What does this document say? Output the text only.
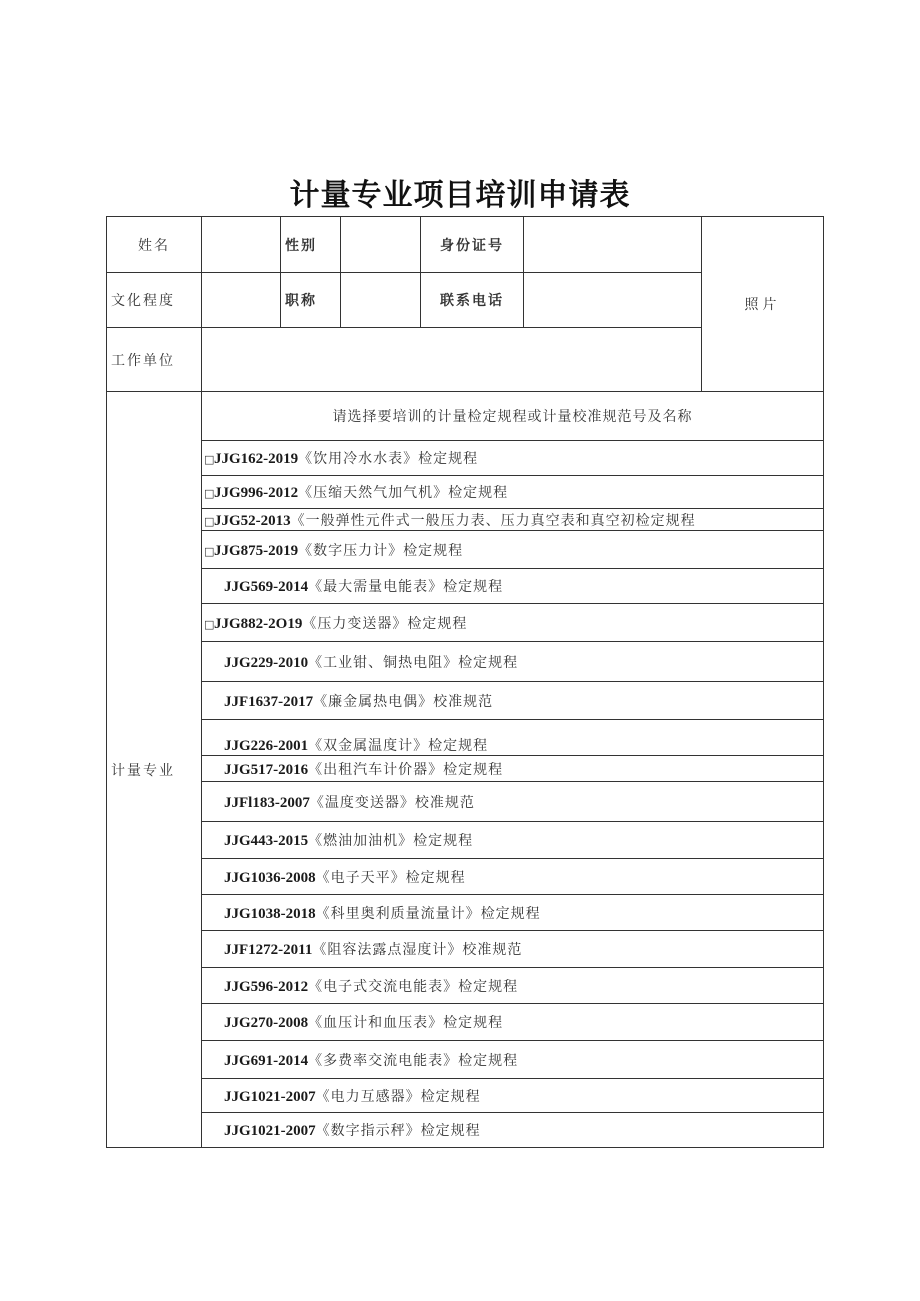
计量专业项目培训申请表
姓名		性别		身份证号		照片
文化程度		职称		联系电话		
工作单位						
计量专业	请选择要培训的计量检定规程或计量校准规范号及名称					
	□JJG162-2019《饮用冷水水表》检定规程					
	□JJG996-2012《压缩天然气加气机》检定规程					
	□JJG52-2013《一般弹性元件式一般压力表、压力真空表和真空初检定规程					
	□JJG875-2019《数字压力计》检定规程					
	JJG569-2014《最大需量电能表》检定规程					
	□JJG882-2O19《压力变送器》检定规程					
	JJG229-2010《工业钳、铜热电阻》检定规程					
	JJF1637-2017《廉金属热电偶》校准规范					
	JJG226-2001《双金属温度计》检定规程					
	JJG517-2016《出租汽车计价器》检定规程					
	JJFl183-2007《温度变送器》校准规范					
	JJG443-2015《燃油加油机》检定规程					
	JJG1036-2008《电子天平》检定规程					
	JJG1038-2018《科里奥利质量流量计》检定规程					
	JJF1272-2011《阻容法露点湿度计》校准规范					
	JJG596-2012《电子式交流电能表》检定规程					
	JJG270-2008《血压计和血压表》检定规程					
	JJG691-2014《多费率交流电能表》检定规程					
	JJG1021-2007《电力互感器》检定规程					
	JJG1021-2007《数字指示秤》检定规程					
